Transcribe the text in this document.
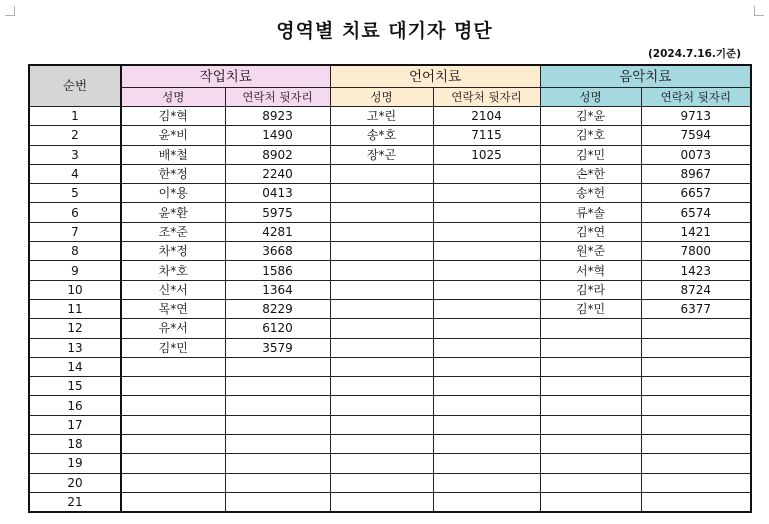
영역별 치료 대기자 명단
(2024.7.16.기준)
순번	작업치료		언어치료		음악치료	
	성명	연락처 뒷자리	성명	연락처 뒷자리	성명	연락처 뒷자리
1	김*혁	8923	고*린	2104	김*윤	9713
2	윤*비	1490	송*호	7115	김*호	7594
3	배*철	8902	장*곤	1025	김*민	0073
4	한*정	2240			손*한	8967
5	이*용	0413			송*헌	6657
6	윤*환	5975			류*솔	6574
7	조*준	4281			김*연	1421
8	차*정	3668			원*준	7800
9	차*호	1586			서*혁	1423
10	신*서	1364			김*라	8724
11	목*연	8229			김*민	6377
12	유*서	6120				
13	김*민	3579				
14						
15						
16						
17						
18						
19						
20						
21						
